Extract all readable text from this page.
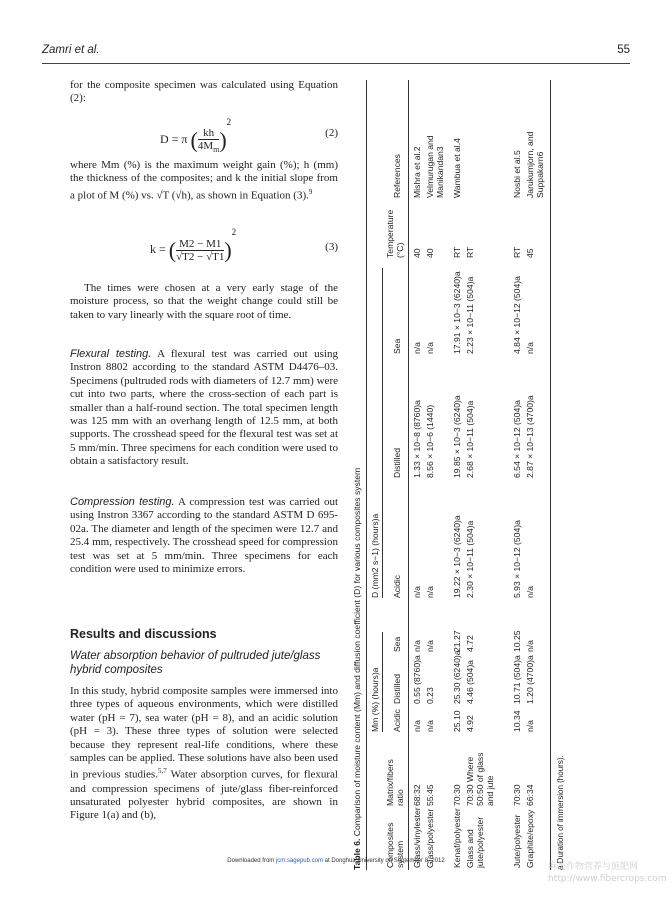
Zamri et al.	55

for the composite specimen was calculated using Equation (2):

D = π ( $\frac{kh}{4M_m} )^2$
(2)

where Mm (%) is the maximum weight gain (%); h (mm) the thickness of the composites; and k the initial slope from a plot of M (%) vs. √T (√h), as shown in Equation (3).$^9$

k = ( $\frac{M2 - M1}{√T2 - √T1} )^2$
(3)

The times were chosen at a very early stage of the moisture process, so that the weight change could still be taken to vary linearly with the square root of time.

Flexural testing. A flexural test was carried out using Instron 8802 according to the standard ASTM D4476–03. Specimens (pultruded rods with diameters of 12.7 mm) were cut into two parts, where the cross-section of each part is smaller than a half-round section. The total specimen length was 125 mm with an overhang length of 12.5 mm, at both supports. The crosshead speed for the flexural test was set at 5 mm/min. Three specimens for each condition were used to obtain a satisfactory result.

Compression testing. A compression test was carried out using Instron 3367 according to the standard ASTM D 695-02a. The diameter and length of the specimen were 12.7 and 25.4 mm, respectively. The crosshead speed for compression test was set at 5 mm/min. Three specimens for each condition were used to minimize errors.

Results and discussions
Water absorption behavior of pultruded jute/glass hybrid composites

In this study, hybrid composite samples were immersed into three types of aqueous environments, which were distilled water (pH = 7), sea water (pH = 8), and an acidic solution (pH = 3). These three types of solution were selected because they represent real-life conditions, where these samples can be applied. These solutions have also been used in previous studies.$^{5,7}$ Water absorption curves, for flexural and compression specimens of jute/glass fiber-reinforced unsaturated polyester hybrid composites, are shown in Figure 1(a) and (b),

Table 6. Comparison of moisture content (Mm) and diffusion coefficient (D) for various composites system Mm (%) (hours)a
D (mm2 s−1) (hours)a
Composites system
Matrix/fibers ratio
Acidic
Distilled
Sea
Acidic
Distilled
Sea
Temperature (°C)
References
Glass/vinylester
68:32
n/a
0.55 (8760)a
n/a
n/a
1.33 × 10−8 (8760)a
n/a
40
Mishra et al.2
Glass/polyester
55:45
n/a
0.23
n/a
n/a
8.56 × 10−6 (1440)
n/a
40
Velmurugan and Manikandan3
Kenaf/polyester
70:30
25.10
25.30 (6240)a
21.27
19.22 × 10−3 (6240)a
19.85 × 10−3 (6240)a
17.91 × 10−3 (6240)a
RT
Wambua et al.4
Glass and jute/polyester
70:30 Where 50:50 of glass and jute
4.92
4.46 (504)a
4.72
2.30 × 10−11 (504)a
2.68 × 10−11 (504)a
2.23 × 10−11 (504)a
RT
Jute/polyester
70:30
10.34
10.71 (504)a
10.25
5.93 × 10−12 (504)a
6.54 × 10−12 (504)a
4.84 × 10−12 (504)a
RT
Nosbi et al.5
Graphite/epoxy
66:34
n/a
1.20 (4700)a
n/a
n/a
2.87 × 10−13 (4700)a
n/a
45
Jarukumjorn, and Suppakarn6
a Duration of immersion (hours).
Downloaded from jcm.sagepub.com at Donghua University on September 8, 2012
麻类作物营养与施肥网
http://www.fibercrops.com
